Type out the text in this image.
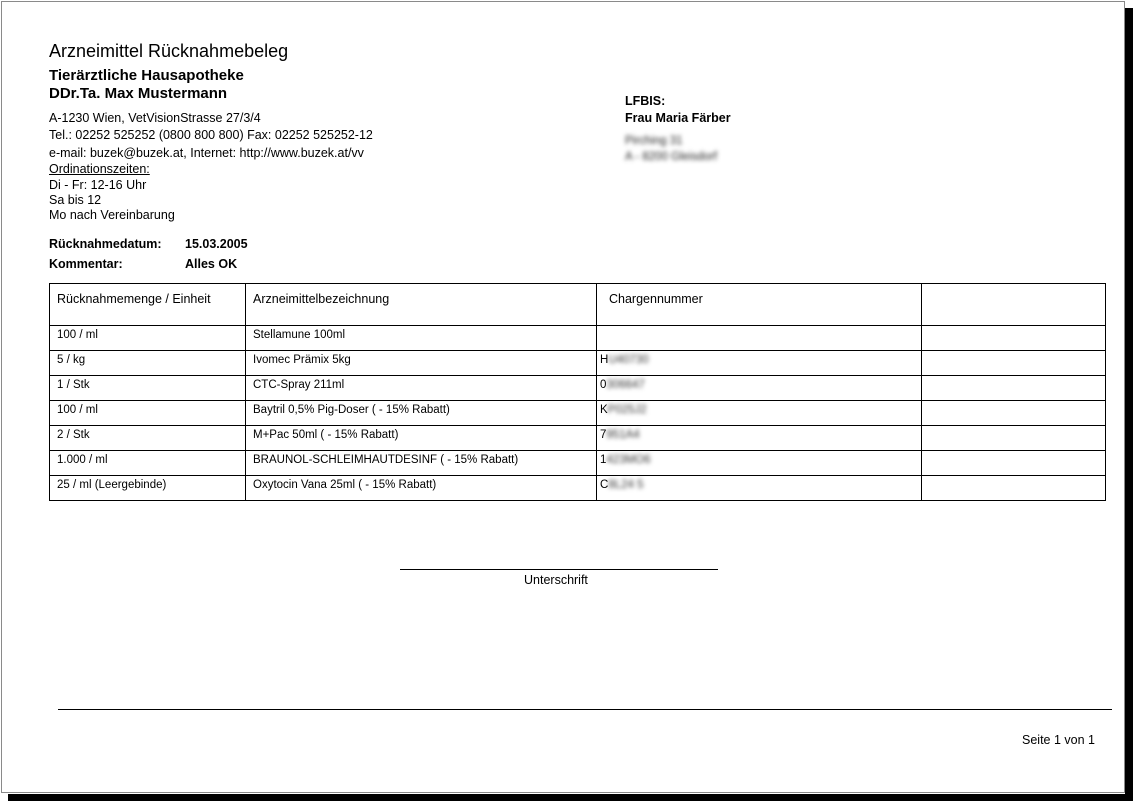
Arzneimittel Rücknahmebeleg
Tierärztliche Hausapotheke
DDr.Ta. Max Mustermann
A-1230 Wien, VetVisionStrasse 27/3/4
Tel.: 02252 525252 (0800 800 800) Fax: 02252 525252-12
e-mail: buzek@buzek.at, Internet: http://www.buzek.at/vv
Ordinationszeiten:
Di - Fr: 12-16 Uhr
Sa bis 12
Mo nach Vereinbarung
LFBIS:
Frau Maria Färber
Pirching 31
A - 8200 Gleisdorf
Rücknahmedatum: 15.03.2005
Kommentar:	Alles OK
Rücknahmemenge / Einheit	Arzneimittelbezeichnung	Chargennummer	
100 / ml	Stellamune 100ml		
5 / kg	Ivomec Prämix 5kg	HU40730	
1 / Stk	CTC-Spray 211ml	0306647	
100 / ml	Baytril 0,5% Pig-Doser ( - 15% Rabatt)	KP025J2	
2 / Stk	M+Pac 50ml ( - 15% Rabatt)	7951A4	
1.000 / ml	BRAUNOL-SCHLEIMHAUTDESINF ( - 15% Rabatt)	1423MO6	
25 / ml (Leergebinde)	Oxytocin Vana 25ml ( - 15% Rabatt)	C8L24 5	
Unterschrift
Seite 1 von 1
